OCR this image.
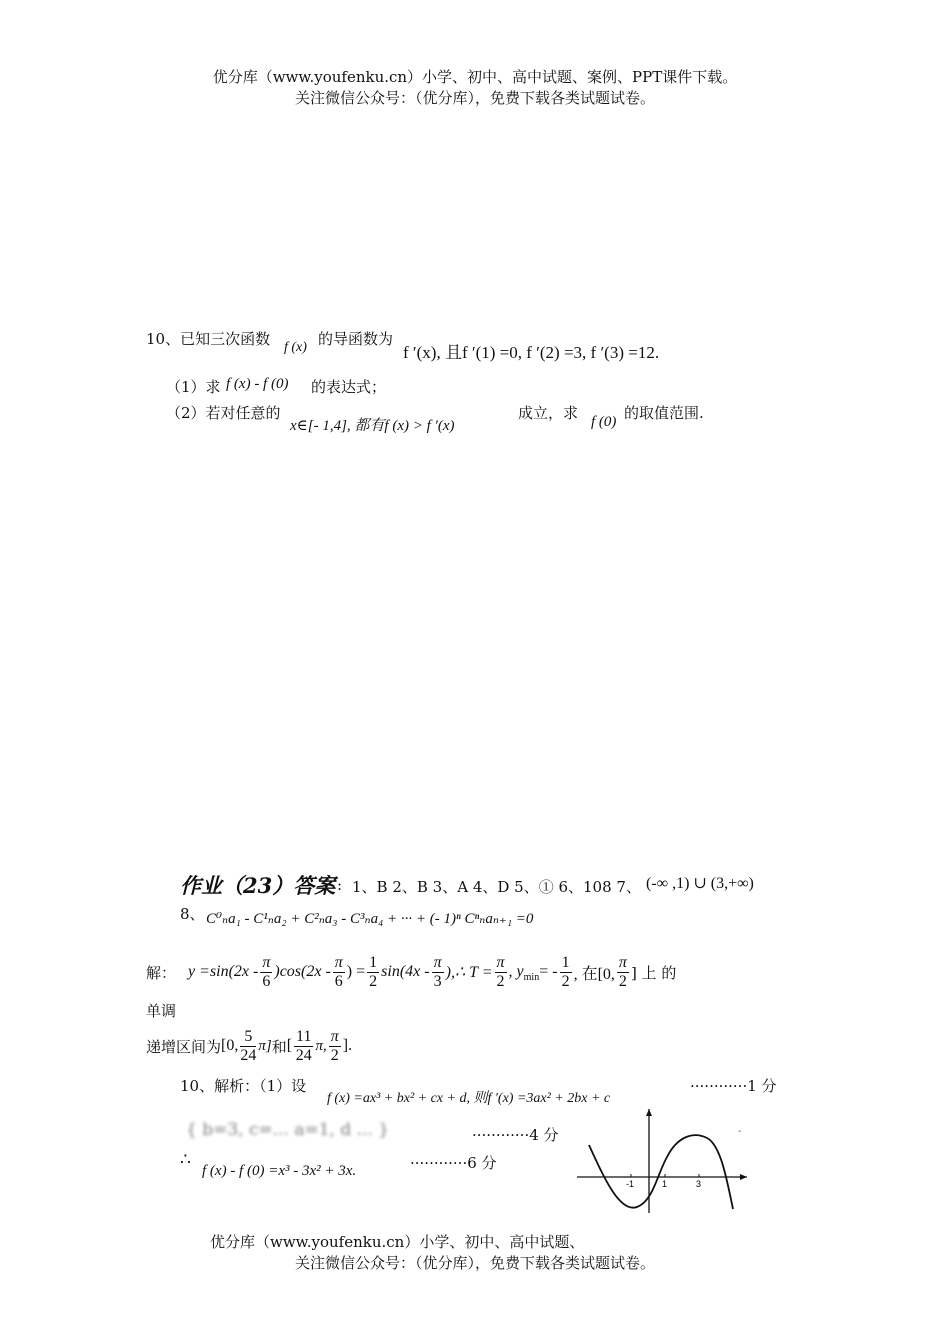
优分库（www.youfenku.cn）小学、初中、高中试题、案例、PPT课件下载。
关注微信公众号：（优分库），免费下载各类试题试卷。
10、已知三次函数 f (x) 的导函数为
f ′(x), 且f ′(1) =0, f ′(2) =3, f ′(3) =12.
（1）求 f (x) - f (0) 的表达式；
（2）若对任意的
x∈[- 1,4], 都有f (x) > f ′(x)
成立，求 f (0) 的取值范围.
作业（23）答案 : 1、B 2、B 3、A 4、D 5、① 6、108 7、 (-∞ ,1) ∪ (3,+∞)
8、 C⁰ₙa₁ - C¹ₙa₂ + C²ₙa₃ - C³ₙa₄ + ··· + (- 1)ⁿ Cⁿₙaₙ₊₁ =0
解： $y =\sin(2x - \frac{\pi}{6} )\cos(2x - \frac{\pi}{6}$ ) = $\frac{1}{2} \sin(4x - \frac{\pi}{3}$ ),∴ $T = \frac{\pi}{2}$ , y min = - $\frac{1}{2}$ , 在[0, $\frac{\pi}{2}$ ] 上 的
单调
递增区间为 [0, $\frac{5}{24} \pi$] 和 [ $\frac{11}{24} \pi$, $\frac{\pi}{2}$ ].
10、解析：（1）设
f (x) =ax³ + bx² + cx + d, 则f ′(x) =3ax² + 2bx + c
············1 分
{ b=3, c=... a=1, d ... }	············4 分
∴
f (x) - f (0) =x³ - 3x² + 3x.	············6 分
-1	1	3
-
优分库（www.youfenku.cn）小学、初中、高中试题、
关注微信公众号：（优分库），免费下载各类试题试卷。
